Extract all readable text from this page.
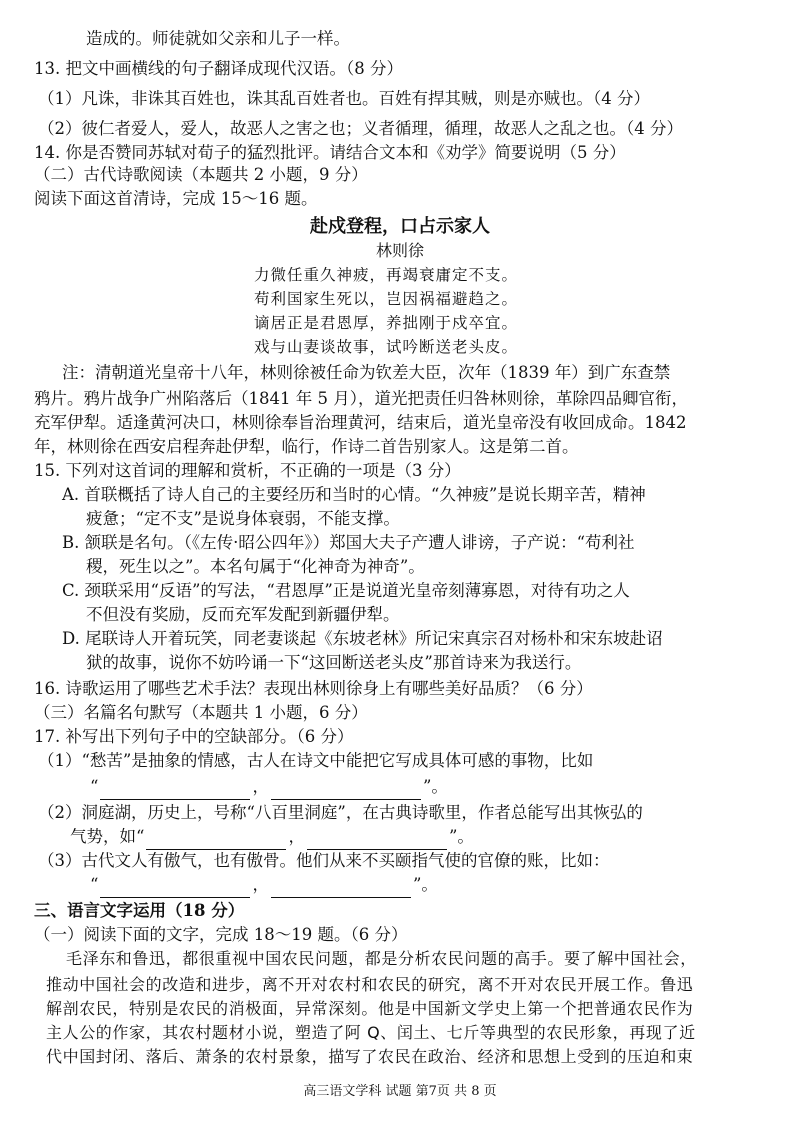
造成的。师徒就如父亲和儿子一样。
13. 把文中画横线的句子翻译成现代汉语。（8 分）
（1）凡诛，非诛其百姓也，诛其乱百姓者也。百姓有捍其贼，则是亦贼也。（4 分）
（2）彼仁者爱人，爱人，故恶人之害之也；义者循理，循理，故恶人之乱之也。（4 分）
14. 你是否赞同苏轼对荀子的猛烈批评。请结合文本和《劝学》简要说明（5 分）
（二）古代诗歌阅读（本题共 2 小题，9 分）
阅读下面这首清诗，完成 15～16 题。
赴戍登程，口占示家人
林则徐
力微任重久神疲，再竭衰庸定不支。
苟利国家生死以，岂因祸福避趋之。
谪居正是君恩厚，养拙刚于戍卒宜。
戏与山妻谈故事，试吟断送老头皮。
注：清朝道光皇帝十八年，林则徐被任命为钦差大臣，次年（1839 年）到广东查禁
鸦片。鸦片战争广州陷落后（1841 年 5 月），道光把责任归咎林则徐，革除四品卿官衔，
充军伊犁。适逢黄河决口，林则徐奉旨治理黄河，结束后，道光皇帝没有收回成命。1842
年，林则徐在西安启程奔赴伊犁，临行，作诗二首告别家人。这是第二首。
15. 下列对这首词的理解和赏析，不正确的一项是（3 分）
A. 首联概括了诗人自己的主要经历和当时的心情。“久神疲”是说长期辛苦，精神
疲惫；“定不支”是说身体衰弱，不能支撑。
B. 颔联是名句。（《左传·昭公四年》）郑国大夫子产遭人诽谤，子产说：“苟利社
稷，死生以之”。本名句属于“化神奇为神奇”。
C. 颈联采用“反语”的写法，“君恩厚”正是说道光皇帝刻薄寡恩，对待有功之人
不但没有奖励，反而充军发配到新疆伊犁。
D. 尾联诗人开着玩笑，同老妻谈起《东坡老林》所记宋真宗召对杨朴和宋东坡赴诏
狱的故事，说你不妨吟诵一下“这回断送老头皮”那首诗来为我送行。
16. 诗歌运用了哪些艺术手法？表现出林则徐身上有哪些美好品质？（6 分）
（三）名篇名句默写（本题共 1 小题，6 分）
17. 补写出下列句子中的空缺部分。（6 分）
（1）“愁苦”是抽象的情感，古人在诗文中能把它写成具体可感的事物，比如
“	，	”。
（2）洞庭湖，历史上，号称“八百里洞庭”，在古典诗歌里，作者总能写出其恢弘的
气势，如“	，	”。
（3）古代文人有傲气，也有傲骨。他们从来不买颐指气使的官僚的账，比如：
“	，	”。
三、语言文字运用（18 分）
（一）阅读下面的文字，完成 18～19 题。（6 分）
毛泽东和鲁迅，都很重视中国农民问题，都是分析农民问题的高手。要了解中国社会，
推动中国社会的改造和进步，离不开对农村和农民的研究，离不开对农民开展工作。鲁迅
解剖农民，特别是农民的消极面，异常深刻。他是中国新文学史上第一个把普通农民作为
主人公的作家，其农村题材小说，塑造了阿 Q、闰土、七斤等典型的农民形象，再现了近
代中国封闭、落后、萧条的农村景象，描写了农民在政治、经济和思想上受到的压迫和束
高三语文学科 试题 第7页 共 8 页
